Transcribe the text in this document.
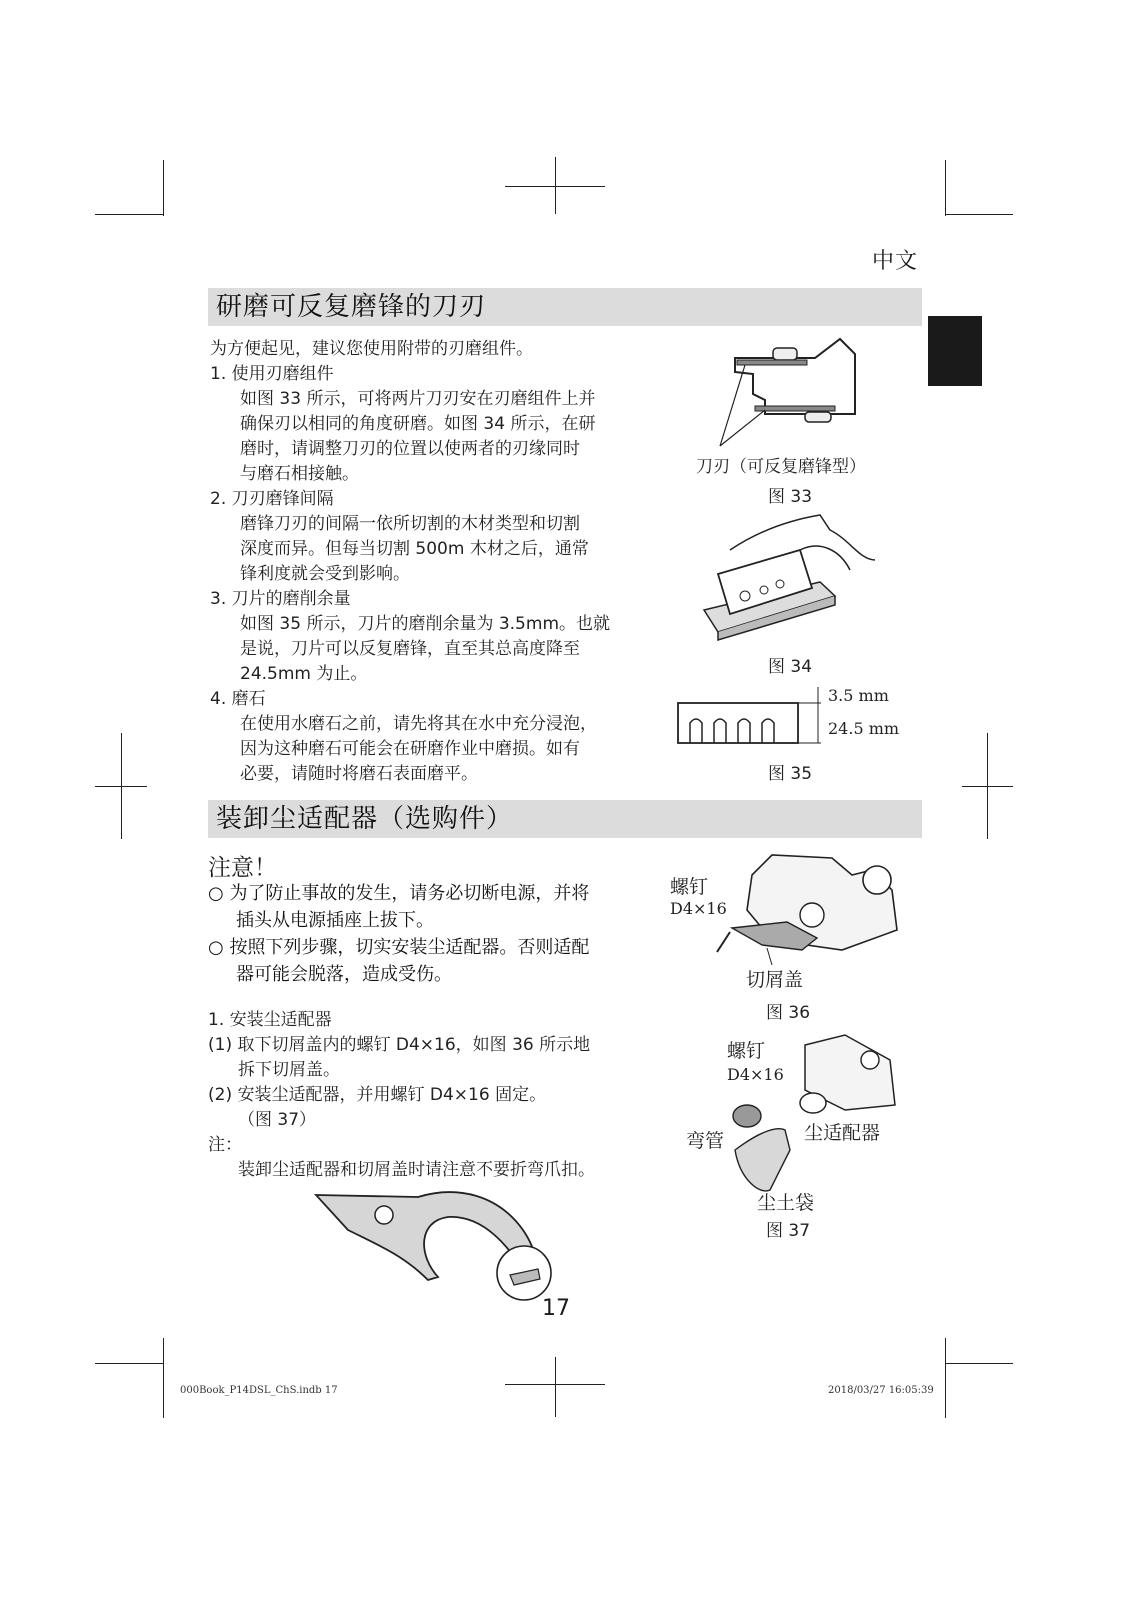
中文
研磨可反复磨锋的刀刃
为方便起见，建议您使用附带的刃磨组件。
1. 使用刃磨组件
如图 33 所示，可将两片刀刃安在刃磨组件上并
确保刃以相同的角度研磨。如图 34 所示，在研
磨时，请调整刀刃的位置以使两者的刃缘同时
与磨石相接触。
2. 刀刃磨锋间隔
磨锋刀刃的间隔一依所切割的木材类型和切割
深度而异。但每当切割 500m 木材之后，通常
锋利度就会受到影响。
3. 刀片的磨削余量
如图 35 所示，刀片的磨削余量为 3.5mm。也就
是说，刀片可以反复磨锋，直至其总高度降至
24.5mm 为止。
4. 磨石
在使用水磨石之前，请先将其在水中充分浸泡，
因为这种磨石可能会在研磨作业中磨损。如有
必要，请随时将磨石表面磨平。
刀刃（可反复磨锋型）
图 33
图 34
3.5 mm
24.5 mm
图 35
装卸尘适配器（选购件）
注意！
○ 为了防止事故的发生，请务必切断电源，并将
插头从电源插座上拔下。
○ 按照下列步骤，切实安装尘适配器。否则适配
器可能会脱落，造成受伤。
1. 安装尘适配器
(1) 取下切屑盖内的螺钉 D4×16，如图 36 所示地
拆下切屑盖。
(2) 安装尘适配器，并用螺钉 D4×16 固定。
（图 37）
注：
装卸尘适配器和切屑盖时请注意不要折弯爪扣。
螺钉
D4×16
切屑盖
图 36
螺钉
D4×16
弯管	尘适配器
尘土袋
图 37
17
000Book_P14DSL_ChS.indb 17	2018/03/27 16:05:39
